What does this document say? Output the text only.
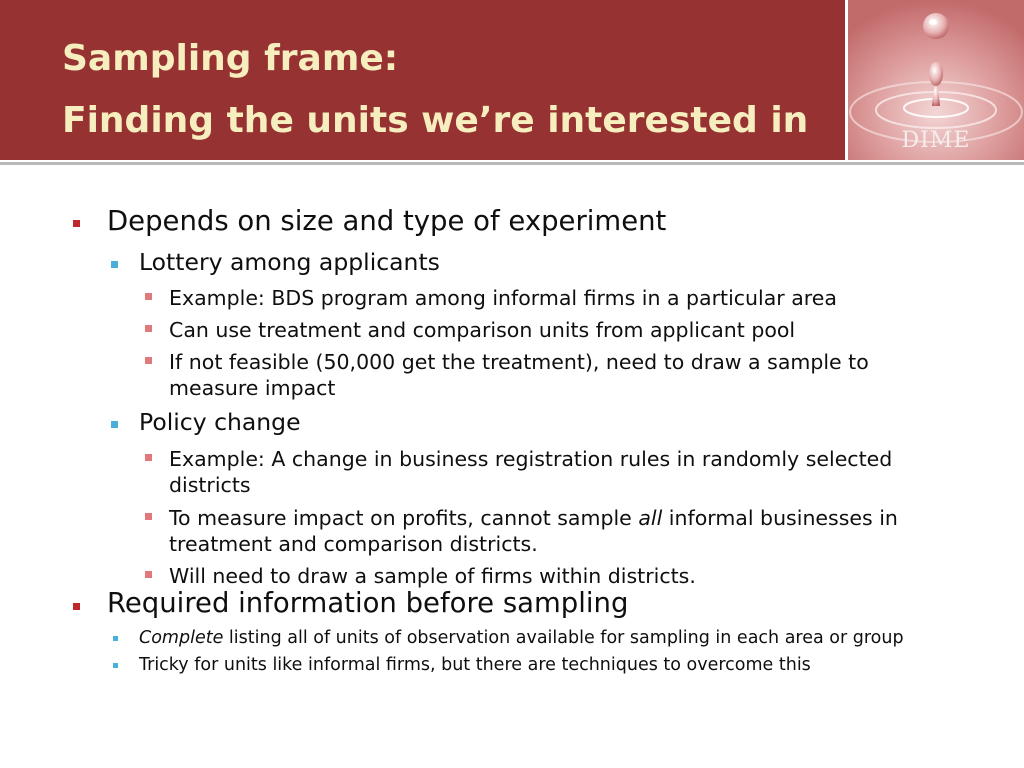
Sampling frame:
Finding the units we’re interested in	DIME
Depends on size and type of experiment
Lottery among applicants
Example: BDS program among informal firms in a particular area
Can use treatment and comparison units from applicant pool
If not feasible (50,000 get the treatment), need to draw a sample to
measure impact
Policy change
Example: A change in business registration rules in randomly selected
districts
To measure impact on profits, cannot sample all informal businesses in
treatment and comparison districts.
Will need to draw a sample of firms within districts.
Required information before sampling
Complete listing all of units of observation available for sampling in each area or group
Tricky for units like informal firms, but there are techniques to overcome this
